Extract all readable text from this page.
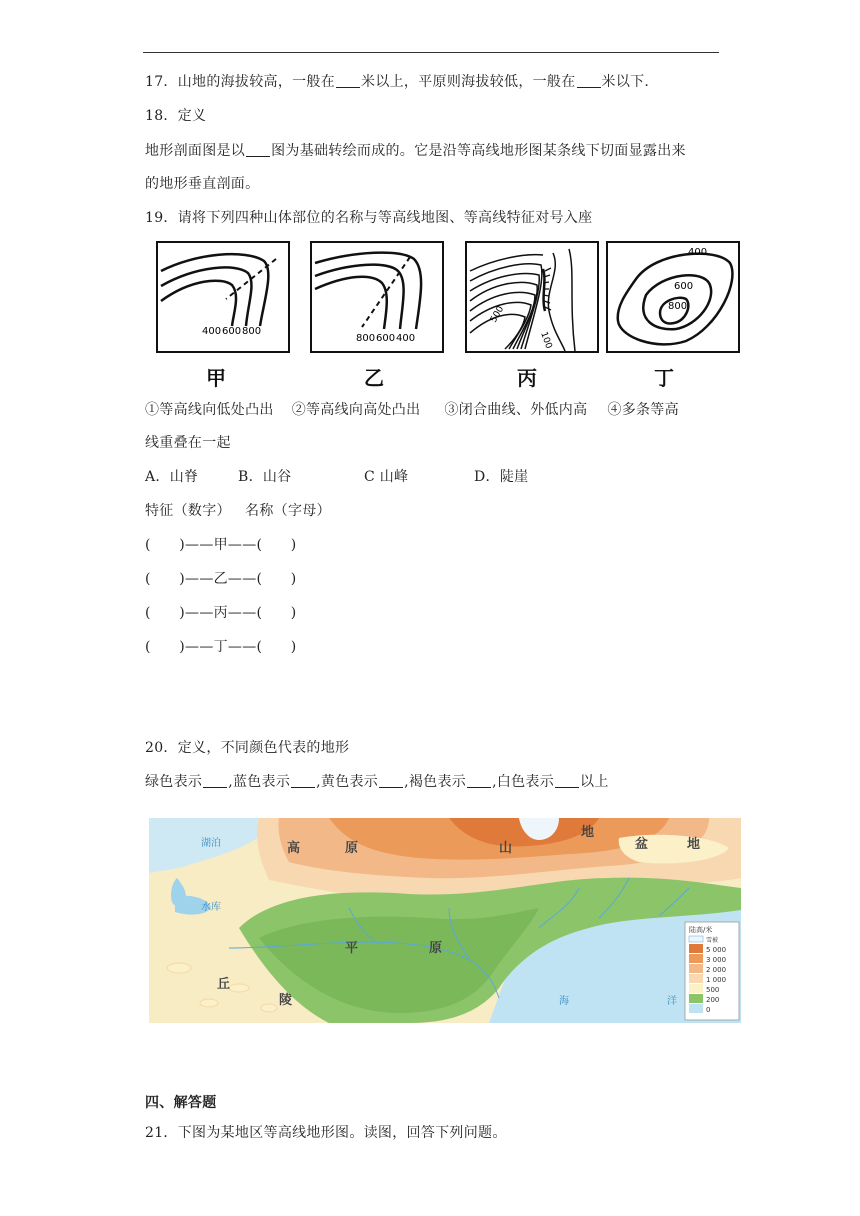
17．山地的海拔较高，一般在 米以上，平原则海拔较低，一般在 米以下.
18．定义
地形剖面图是以 图为基础转绘而成的。它是沿等高线地形图某条线下切面显露出来
的地形垂直剖面。
19．请将下列四种山体部位的名称与等高线地图、等高线特征对号入座
400 600 800
甲
800 600 400
乙
500
100
丙
400
600
800
丁
①等高线向低处凸出 ②等高线向高处凸出 ③闭合曲线、外低内高 ④多条等高
线重叠在一起
A．山脊	B．山谷	C 山峰	D．陡崖
特征（数字）   名称（字母）
(      )——甲——(      )
(      )——乙——(      )
(      )——丙——(      )
(      )——丁——(      )
20．定义，不同颜色代表的地形
绿色表示 ,蓝色表示 ,黄色表示 ,褐色表示 ,白色表示 以上
高	原	山
地
盆	地
平	原
丘
陵
湖泊
水库
海	洋
陆高/米
雪被
5 000
3 000
2 000
1 000
500
200
0
四、解答题
21．下图为某地区等高线地形图。读图，回答下列问题。
